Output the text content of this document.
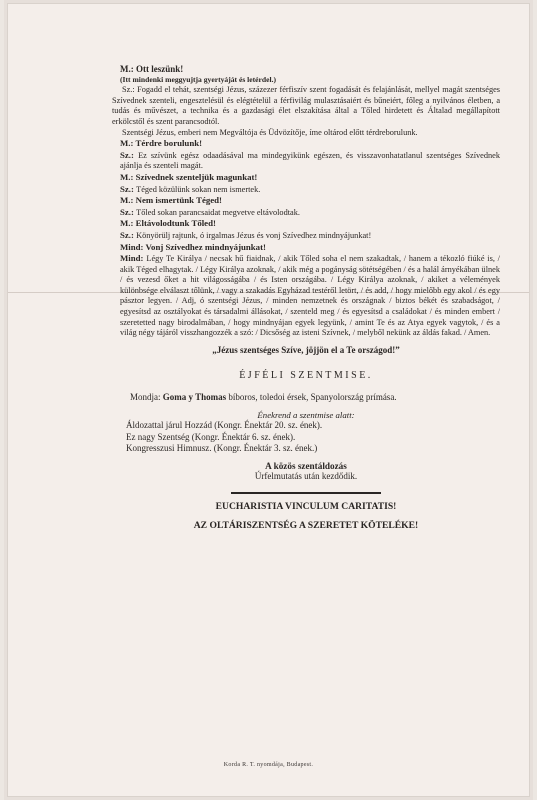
Korda R. T. nyomdája, Budapest.
M.: Ott leszünk!
(Itt mindenki meggyujtja gyertyáját és letérdel.)

Sz.: Fogadd el tehát, szentségi Jézus, százezer férfiszív szent fogadását és felajánlását, mellyel magát szentséges Szívednek szenteli, engesztelésül és elégtételül a férfivilág mulasztásaiért és bűneiért, főleg a nyilvános életben, a tudás és művészet, a technika és a gazdasági élet elszakítása által a Tőled hirdetett és Általad megállapított erkölcstől és szent parancsodtól.

Szentségi Jézus, emberi nem Megváltója és Üdvözítője, íme oltárod előtt térdreborulunk.

M.: Térdre borulunk!
Sz.: Ez szívünk egész odaadásával ma mindegyikünk egészen, és visszavonhatatlanul szentséges Szívednek ajánlja és szenteli magát.
M.: Szívednek szenteljük magunkat!
Sz.: Téged közülünk sokan nem ismertek.
M.: Nem ismertünk Téged!
Sz.: Tőled sokan parancsaidat megvetve eltávolodtak.
M.: Eltávolodtunk Tőled!
Sz.: Könyörülj rajtunk, ó irgalmas Jézus és vonj Szívedhez mindnyájunkat!
Mind: Vonj Szívedhez mindnyájunkat!
Mind: Légy Te Királya / necsak hű fiaidnak, / akik Tőled soha el nem szakadtak, / hanem a tékozló fiúké is, / akik Téged elhagytak. / Légy Királya azoknak, / akik még a pogányság sötétségében / és a halál árnyékában ülnek / és vezesd őket a hit világosságába / és Isten országába. / Légy Királya azoknak, / akiket a vélemények különbsége elválaszt tőlünk, / vagy a szakadás Egyházad testéről letört, / és add, / hogy mielőbb egy akol / és egy pásztor legyen. / Adj, ó szentségi Jézus, / minden nemzetnek és országnak / biztos békét és szabadságot, / egyesítsd az osztályokat és társadalmi állásokat, / szenteld meg / és egyesítsd a családokat / és minden embert / szeretetted nagy birodalmában, / hogy mindnyájan egyek legyünk, / amint Te és az Atya egyek vagytok, / és a világ négy tájáról visszhangozzék a szó: / Dicsőség az isteni Szívnek, / melyből nekünk az áldás fakad. / Amen.
„Jézus szentséges Szíve, jöjjön el a Te országod!”
ÉJFÉLI SZENTMISE.
Mondja: Goma y Thomas bíboros, toledoi érsek, Spanyolország prímása.
Énekrend a szentmise alatt:
Áldozattal járul Hozzád (Kongr. Énektár 20. sz. ének).
Ez nagy Szentség (Kongr. Énektár 6. sz. ének).
Kongresszusi Himnusz. (Kongr. Énektár 3. sz. ének.)
A közös szentáldozás
Úrfelmutatás után kezdődik.
EUCHARISTIA VINCULUM CARITATIS!
AZ OLTÁRISZENTSÉG A SZERETET KÖTELÉKE!
